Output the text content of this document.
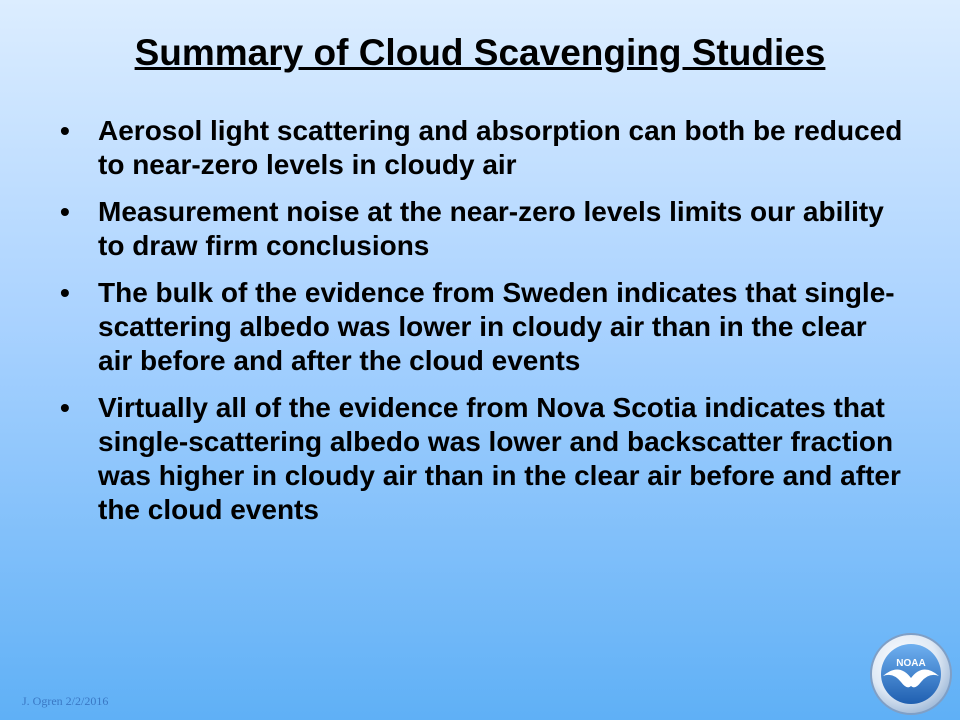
Summary of Cloud Scavenging Studies
• Aerosol light scattering and absorption can both be reduced to near-zero levels in cloudy air
• Measurement noise at the near-zero levels limits our ability to draw firm conclusions
• The bulk of the evidence from Sweden indicates that single-scattering albedo was lower in cloudy air than in the clear air before and after the cloud events
• Virtually all of the evidence from Nova Scotia indicates that single-scattering albedo was lower and backscatter fraction was higher in cloudy air than in the clear air before and after the cloud events
J. Ogren 2/2/2016
NOAA
